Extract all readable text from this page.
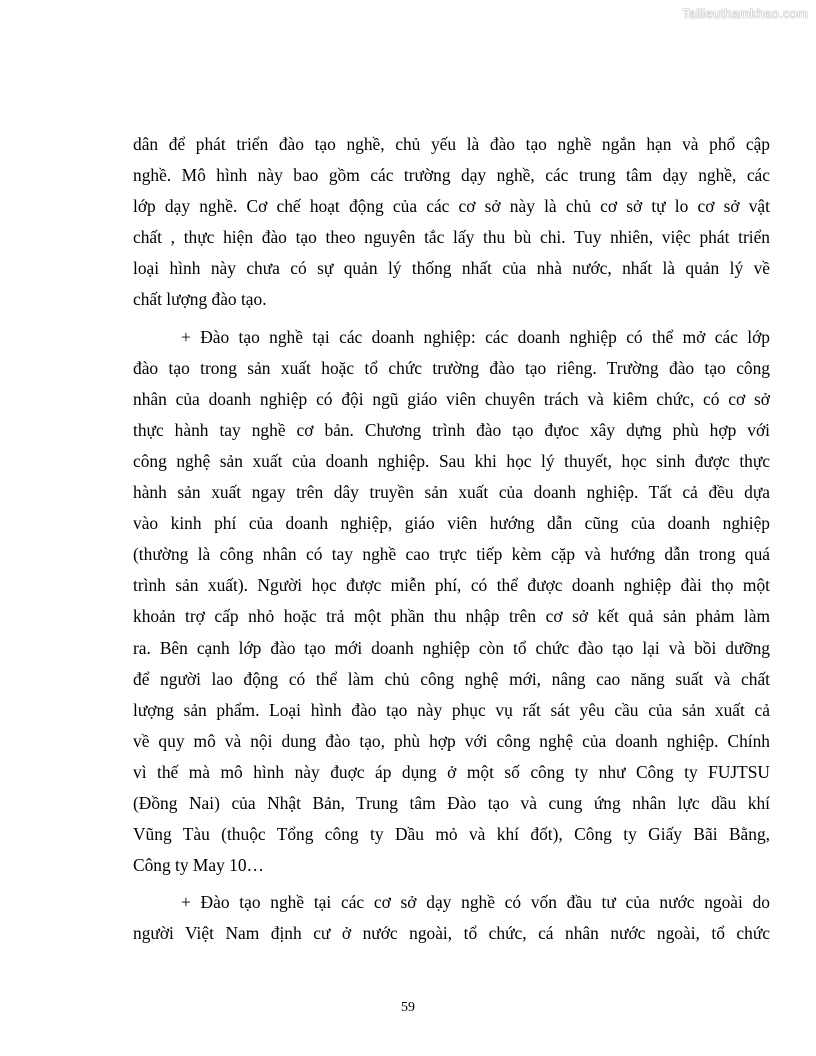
Tailieuthamkhao.com

dân để phát triển đào tạo nghề, chủ yếu là đào tạo nghề ngắn hạn và phổ cập
nghề. Mô hình này bao gồm các trường dạy nghề, các trung tâm dạy nghề, các
lớp dạy nghề. Cơ chế hoạt động của các cơ sở này là chủ cơ sở tự lo cơ sở vật
chất , thực hiện đào tạo theo nguyên tắc lấy thu bù chi. Tuy nhiên, việc phát triển
loại hình này chưa có sự quản lý thống nhất của nhà nước, nhất là quản lý về
chất lượng đào tạo.

+ Đào tạo nghề tại các doanh nghiệp: các doanh nghiệp có thể mở các lớp
đào tạo trong sản xuất hoặc tổ chức trường đào tạo riêng. Trường đào tạo công
nhân của doanh nghiệp có đội ngũ giáo viên chuyên trách và kiêm chức, có cơ sở
thực hành tay nghề cơ bản. Chương trình đào tạo đựoc xây dựng phù hợp với
công nghệ sản xuất của doanh nghiệp. Sau khi học lý thuyết, học sinh được thực
hành sản xuất ngay trên dây truyền sản xuất của doanh nghiệp. Tất cả đều dựa
vào kinh phí của doanh nghiệp, giáo viên hướng dẫn cũng của doanh nghiệp
(thường là công nhân có tay nghề cao trực tiếp kèm cặp và hướng dẫn trong quá
trình sản xuất). Người học được miễn phí, có thể được doanh nghiệp đài thọ một
khoản trợ cấp nhỏ hoặc trả một phần thu nhập trên cơ sở kết quả sản phảm làm
ra. Bên cạnh lớp đào tạo mới doanh nghiệp còn tổ chức đào tạo lại và bồi dưỡng
để người lao động có thể làm chủ công nghệ mới, nâng cao năng suất và chất
lượng sản phẩm. Loại hình đào tạo này phục vụ rất sát yêu cầu của sản xuất cả
về quy mô và nội dung đào tạo, phù hợp với công nghệ của doanh nghiệp. Chính
vì thế mà mô hình này đuợc áp dụng ở một số công ty như Công ty FUJTSU
(Đồng Nai) của Nhật Bản, Trung tâm Đào tạo và cung ứng nhân lực dầu khí
Vũng Tàu (thuộc Tổng công ty Dầu mỏ và khí đốt), Công ty Giấy Bãi Bằng,
Công ty May 10…

+ Đào tạo nghề tại các cơ sở dạy nghề có vốn đầu tư của nước ngoài do
người Việt Nam định cư ở nước ngoài, tổ chức, cá nhân nước ngoài, tổ chức

59
